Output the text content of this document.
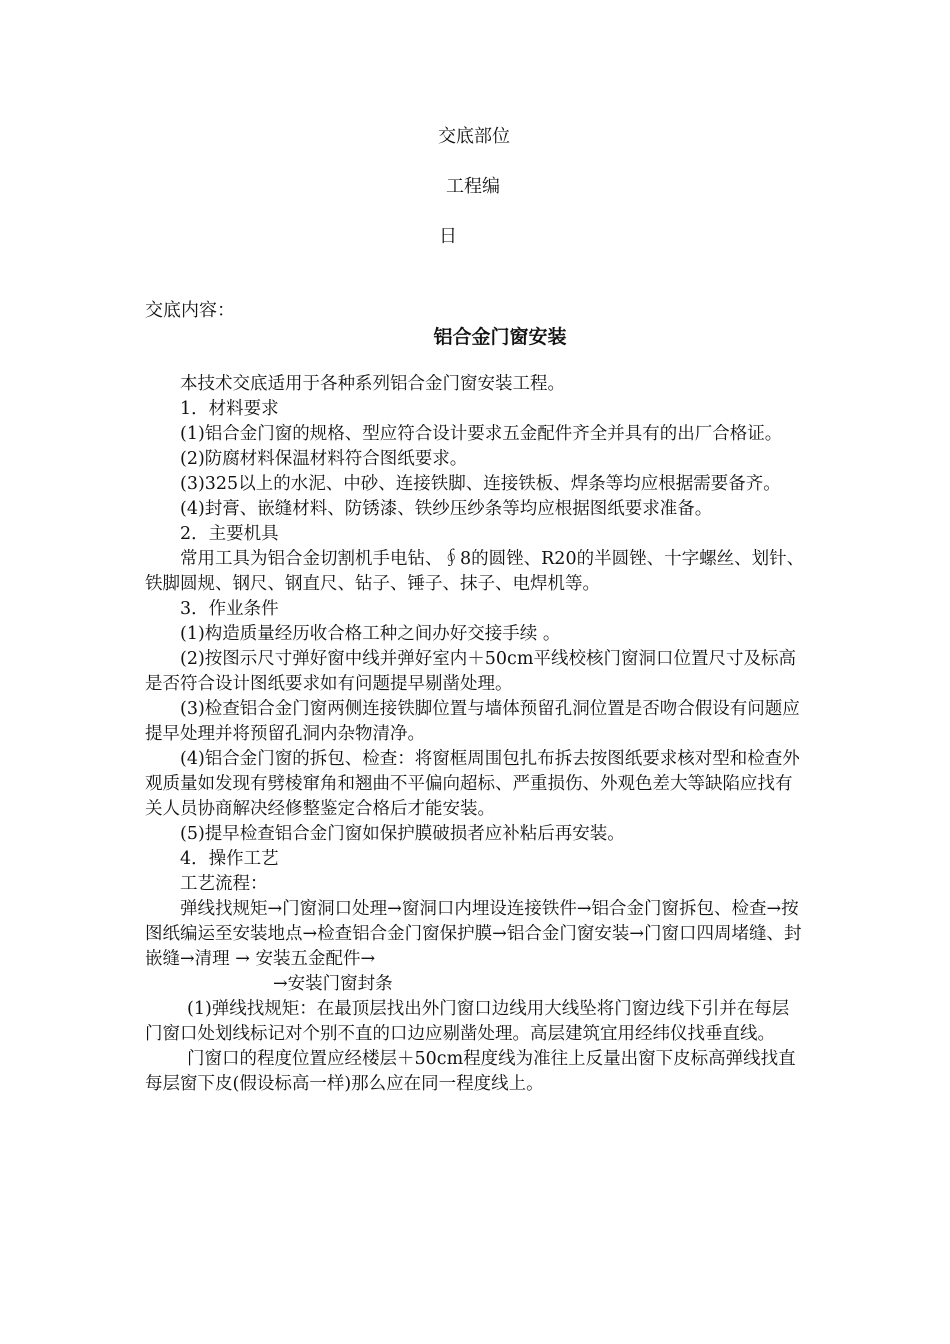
交底部位
工程编
日
交底内容：
铝合金门窗安装

本技术交底适用于各种系列铝合金门窗安装工程。

1．材料要求

(1)铝合金门窗的规格、型应符合设计要求五金配件齐全并具有的出厂合格证。

(2)防腐材料保温材料符合图纸要求。

(3)325以上的水泥、中砂、连接铁脚、连接铁板、焊条等均应根据需要备齐。

(4)封膏、嵌缝材料、防锈漆、铁纱压纱条等均应根据图纸要求准备。

2．主要机具

常用工具为铝合金切割机手电钻、∮8的圆锉、R20的半圆锉、十字螺丝、划针、铁脚圆规、钢尺、钢直尺、钻子、锤子、抹子、电焊机等。

3．作业条件

(1)构造质量经历收合格工种之间办好交接手续 。

(2)按图示尺寸弹好窗中线并弹好室内＋50cm平线校核门窗洞口位置尺寸及标高是否符合设计图纸要求如有问题提早剔凿处理。

(3)检查铝合金门窗两侧连接铁脚位置与墙体预留孔洞位置是否吻合假设有问题应提早处理并将预留孔洞内杂物清净。

(4)铝合金门窗的拆包、检查：将窗框周围包扎布拆去按图纸要求核对型和检查外观质量如发现有劈棱窜角和翘曲不平偏向超标、严重损伤、外观色差大等缺陷应找有关人员协商解决经修整鉴定合格后才能安装。

(5)提早检查铝合金门窗如保护膜破损者应补粘后再安装。

4．操作工艺

工艺流程：

弹线找规矩→门窗洞口处理→窗洞口内埋设连接铁件→铝合金门窗拆包、检查→按图纸编运至安装地点→检查铝合金门窗保护膜→铝合金门窗安装→门窗口四周堵缝、封嵌缝→清理 → 安装五金配件→

→安装门窗封条

(1)弹线找规矩：在最顶层找出外门窗口边线用大线坠将门窗边线下引并在每层门窗口处划线标记对个别不直的口边应剔凿处理。高层建筑宜用经纬仪找垂直线。

门窗口的程度位置应经楼层＋50cm程度线为准往上反量出窗下皮标高弹线找直每层窗下皮(假设标高一样)那么应在同一程度线上。
